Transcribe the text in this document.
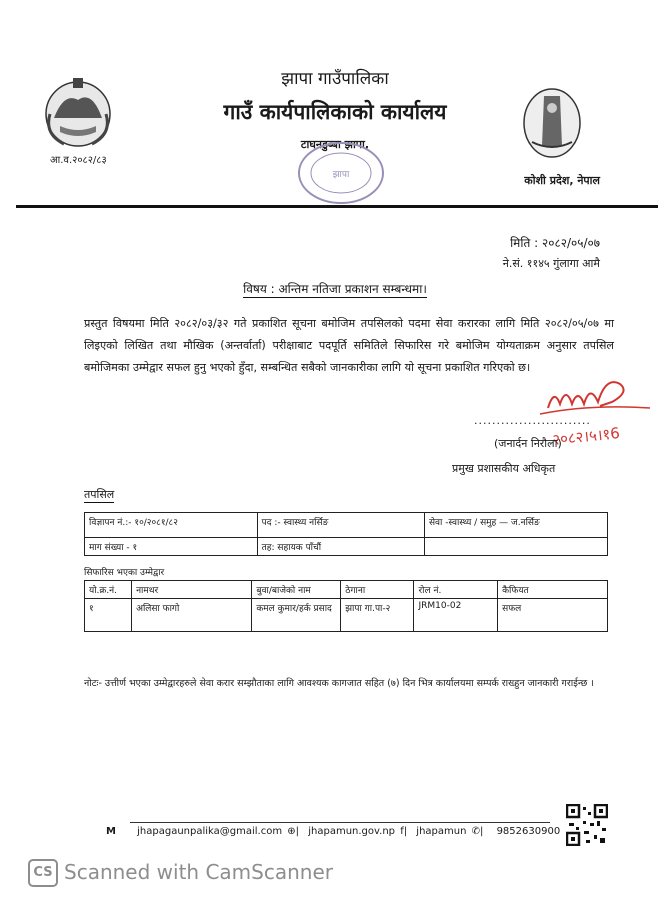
आ.व.२०८२/८३
झापा गाउँपालिका
गाउँ कार्यपालिकाको कार्यालय
टाघनडुब्बा झापा,
झापा	कोशी प्रदेश, नेपाल
मिति : २०८२/०५/०७
ने.सं. ११४५ गुंलागा आमै
विषय : अन्तिम नतिजा प्रकाशन सम्बन्धमा।
प्रस्तुत विषयमा मिति २०८२/०३/३२ गते प्रकाशित सूचना बमोजिम तपसिलको पदमा सेवा करारका लागि मिति २०८२/०५/०७ मा लिइएको लिखित तथा मौखिक (अन्तर्वार्ता) परीक्षाबाट पदपूर्ति समितिले सिफारिस गरे बमोजिम योग्यताक्रम अनुसार तपसिल बमोजिमका उम्मेद्वार सफल हुनु भएको हुँदा, सम्बन्धित सबैको जानकारीका लागि यो सूचना प्रकाशित गरिएको छ।
..........................
२०८२।५।१6
(जनार्दन निरौला)
प्रमुख प्रशासकीय अधिकृत
तपसिल
विज्ञापन नं.:- १०/२०८१/८२	पद :- स्वास्थ्य नर्सिङ	सेवा -स्वास्थ्य / समुह — ज.नर्सिङ
माग संख्या - १	तह: सहायक पाँचौं	
सिफारिस भएका उम्मेद्वार
यो.क्र.नं.	नामथर	बुवा/बाजेको नाम	ठेगाना	रोल नं.	कैफियत
१	अलिसा फागो	कमल कुमार/हर्क प्रसाद	झापा गा.पा-२	JRM10-02	सफल
नोटः- उत्तीर्ण भएका उम्मेद्वारहरुले सेवा करार सम्झौताका लागि आवश्यक कागजात सहित (७) दिन भित्र कार्यालयमा सम्पर्क राख्हुन जानकारी गराईन्छ ।
M jhapagaunpalika@gmail.com ⊕| jhapamun.gov.np f| jhapamun ✆| 9852630900
CS Scanned with CamScanner
